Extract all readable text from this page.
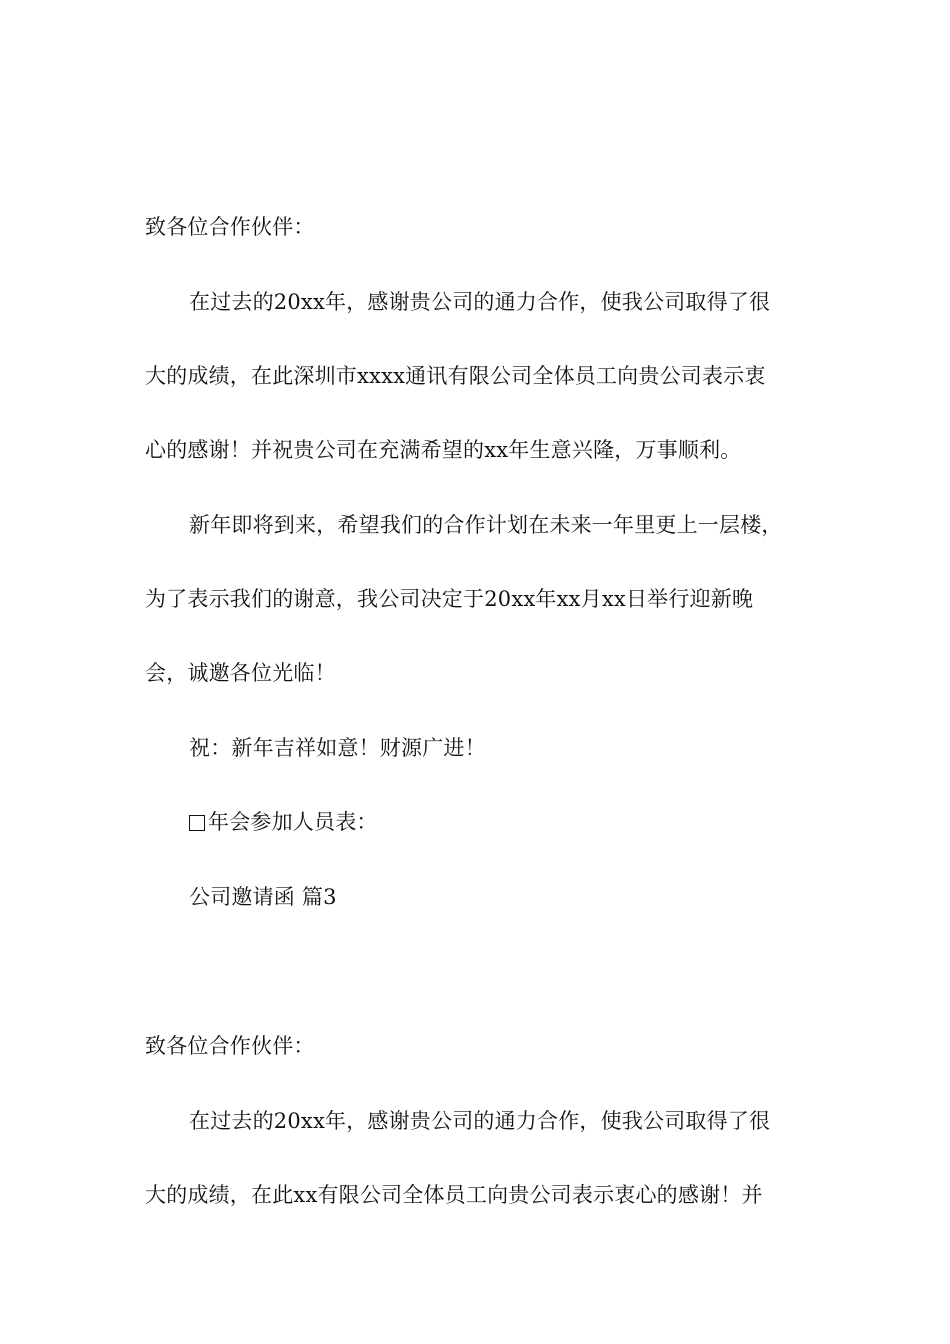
致各位合作伙伴：
在过去的20xx年，感谢贵公司的通力合作，使我公司取得了很
大的成绩，在此深圳市xxxx通讯有限公司全体员工向贵公司表示衷
心的感谢！并祝贵公司在充满希望的xx年生意兴隆，万事顺利。
新年即将到来，希望我们的合作计划在未来一年里更上一层楼，
为了表示我们的谢意，我公司决定于20xx年xx月xx日举行迎新晚
会，诚邀各位光临！
祝：新年吉祥如意！财源广进！
年会参加人员表：
公司邀请函 篇3
致各位合作伙伴：
在过去的20xx年，感谢贵公司的通力合作，使我公司取得了很
大的成绩，在此xx有限公司全体员工向贵公司表示衷心的感谢！并
